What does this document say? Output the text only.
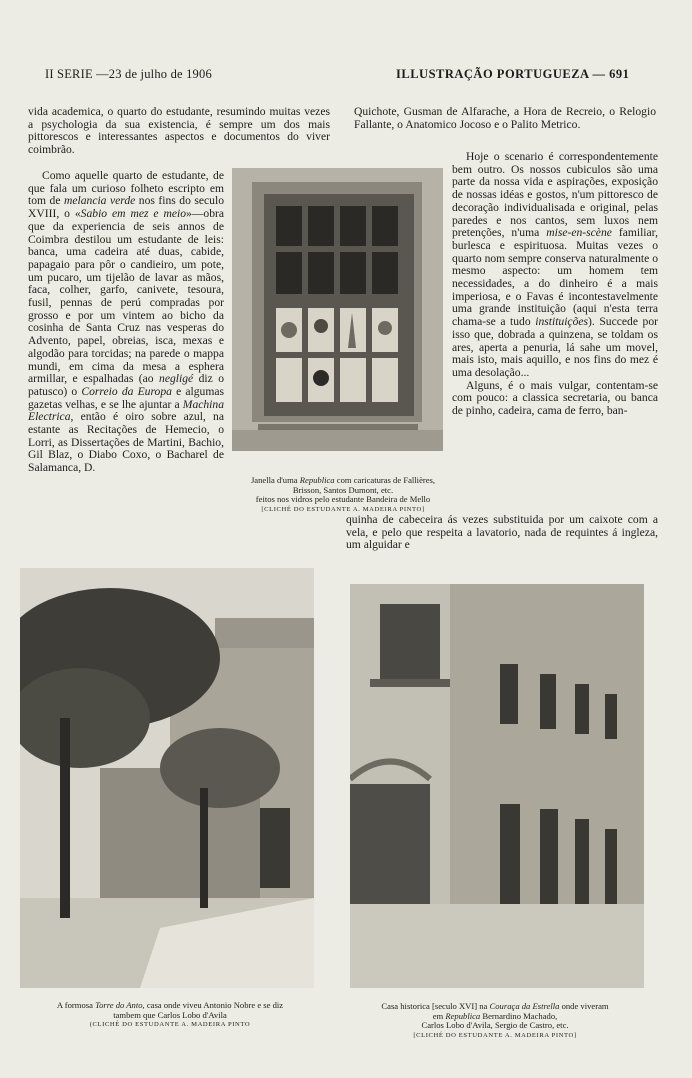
II SERIE —23 de julho de 1906	ILLUSTRAÇÃO PORTUGUEZA — 691

vida academica, o quarto do estudante, resumindo muitas vezes a psychologia da sua existencia, é sempre um dos mais pittorescos e interessantes aspectos e documentos do viver coimbrão.

Como aquelle quarto de estudante, de que fala um curioso folheto escripto em tom de melancia verde nos fins do seculo XVIII, o «Sabio em mez e meio»—obra que da experiencia de seis annos de Coimbra destilou um estudante de leis: banca, uma cadeira até duas, cabide, papagaio para pôr o candieiro, um pote, um pucaro, um tijelão de lavar as mãos, faca, colher, garfo, canivete, tesoura, fusil, pennas de perú compradas por grosso e por um vintem ao bicho da cosinha de Santa Cruz nas vesperas do Advento, papel, obreias, isca, mexas e algodão para torcidas; na parede o mappa mundi, em cima da mesa a esphera armillar, e espalhadas (ao negligé diz o patusco) o Correio da Europa e algumas gazetas velhas, e se lhe ajuntar a Machina Electrica, então é oiro sobre azul, na estante as Recitações de Hemecio, o Lorri, as Dissertações de Martini, Bachio, Gil Blaz, o Diabo Coxo, o Bacharel de Salamanca, D.

Janella d'uma Republica com caricaturas de Fallières,
Brisson, Santos Dumont, etc.
feitos nos vidros pelo estudante Bandeira de Mello
[CLICHÉ DO ESTUDANTE A. MADEIRA PINTO]

Quichote, Gusman de Alfarache, a Hora de Recreio, o Relogio Fallante, o Anatomico Jocoso e o Palito Metrico.

Hoje o scenario é correspondentemente bem outro. Os nossos cubiculos são uma parte da nossa vida e aspirações, exposição de nossas idéas e gostos, n'um pittoresco de decoração individualisada e original, pelas paredes e nos cantos, sem luxos nem pretenções, n'uma mise-en-scène familiar, burlesca e espirituosa. Muitas vezes o quarto nom sempre conserva naturalmente o mesmo aspecto: um homem tem necessidades, a do dinheiro é a mais imperiosa, e o Favas é incontestavelmente uma grande instituição (aqui n'esta terra chama-se a tudo instituições). Succede por isso que, dobrada a quinzena, se toldam os ares, aperta a penuria, lá sahe um movel, mais isto, mais aquillo, e nos fins do mez é uma desolação...

Alguns, é o mais vulgar, contentam-se com pouco: a classica secretaria, ou banca de pinho, cadeira, cama de ferro, ban-

quinha de cabeceira ás vezes substituida por um caixote com a vela, e pelo que respeita a lavatorio, nada de requintes á ingleza, um alguidar e

A formosa Torre do Anto, casa onde viveu Antonio Nobre e se diz
tambem que Carlos Lobo d'Avila
(CLICHÉ DO ESTUDANTE A. MADEIRA PINTO
Casa historica [seculo XVI] na Couraça da Estrella onde viveram
em Republica Bernardino Machado,
Carlos Lobo d'Avila, Sergio de Castro, etc.
[CLICHÉ DO ESTUDANTE A. MADEIRA PINTO]
